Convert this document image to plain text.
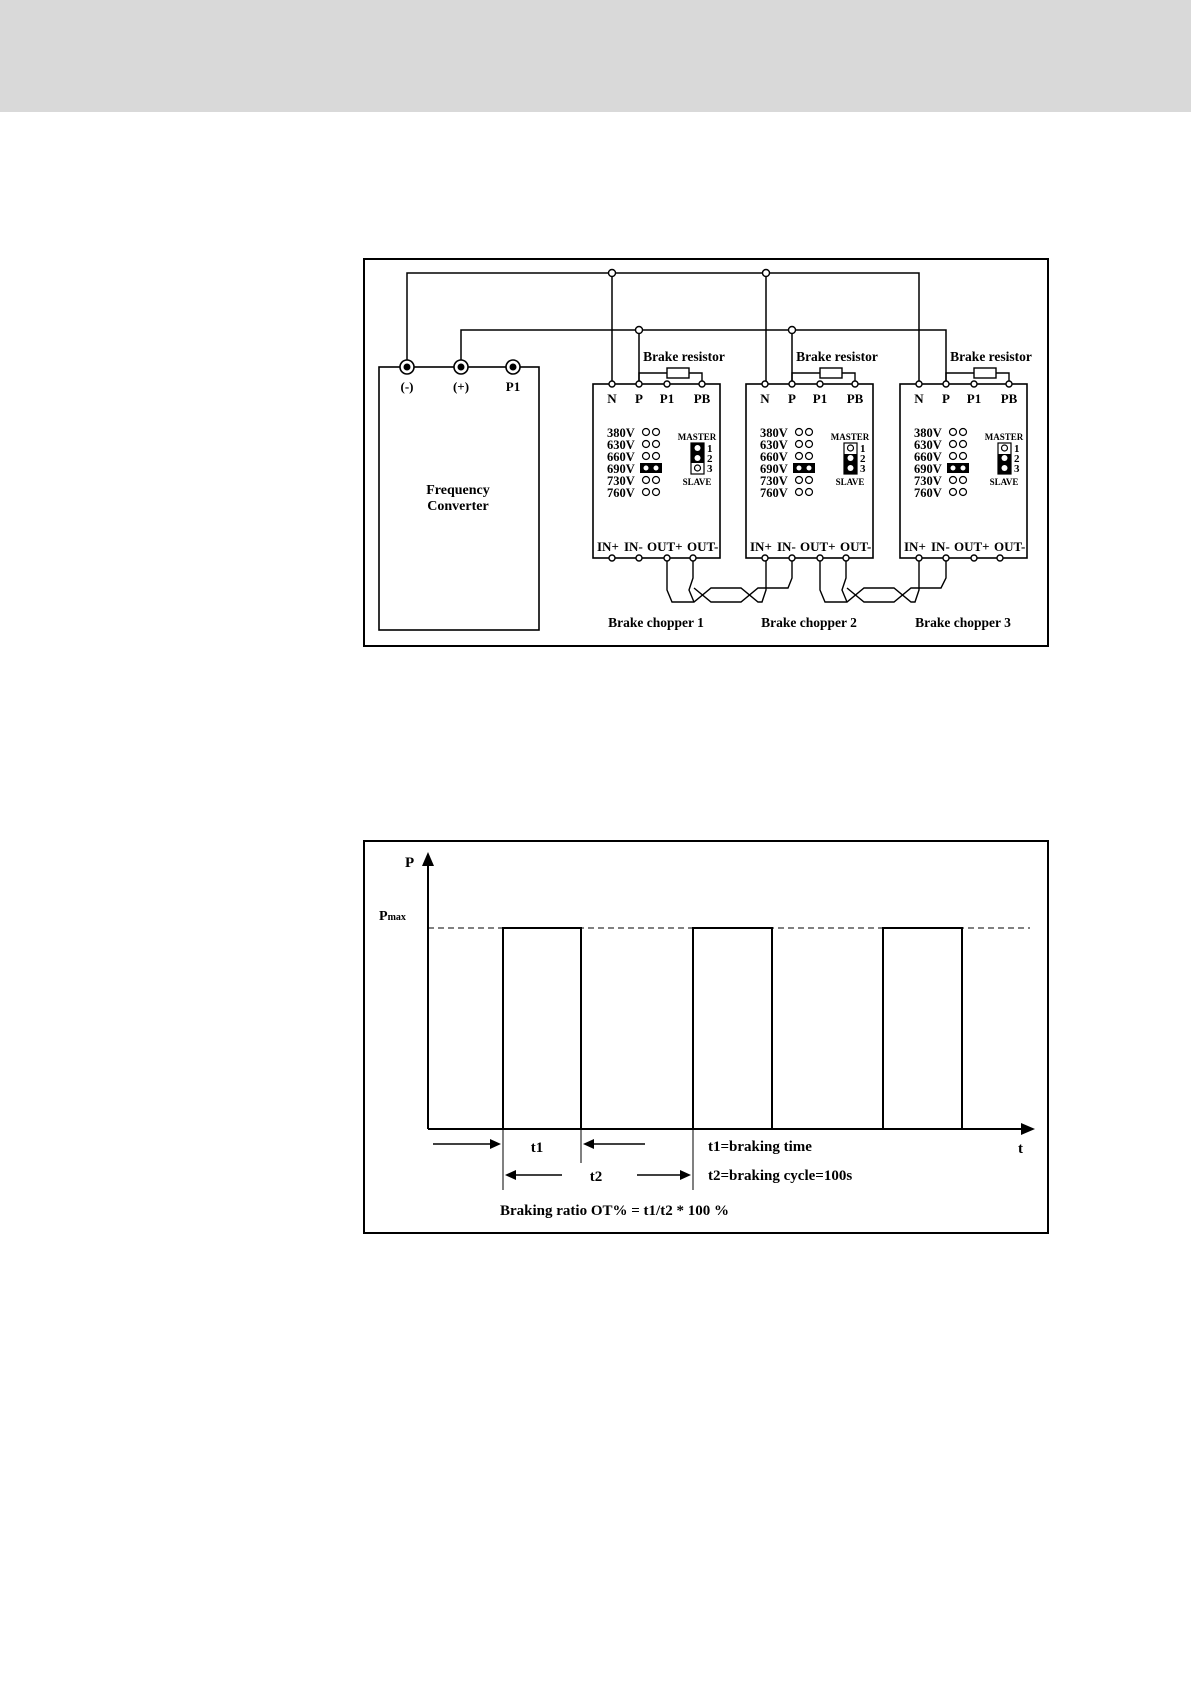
(-)	(+)	P1
Frequency
Converter
Brake resistor
N P P1 PB
380V
630V
660V
690V
730V
760V
MASTER
1
2
3
SLAVE
IN+ IN- OUT+ OUT-
Brake chopper 1
Brake resistor
N P P1 PB
380V
630V
660V
690V
730V
760V
MASTER
1
2
3
SLAVE
IN+ IN- OUT+ OUT-
Brake chopper 2
Brake resistor
N P P1 PB
380V
630V
660V
690V
730V
760V
MASTER
1
2
3
SLAVE
IN+ IN- OUT+ OUT-
Brake chopper 3
P
t
Pmax
t1
t2
t1=braking time
t2=braking cycle=100s
Braking ratio OT% = t1/t2 * 100 %
